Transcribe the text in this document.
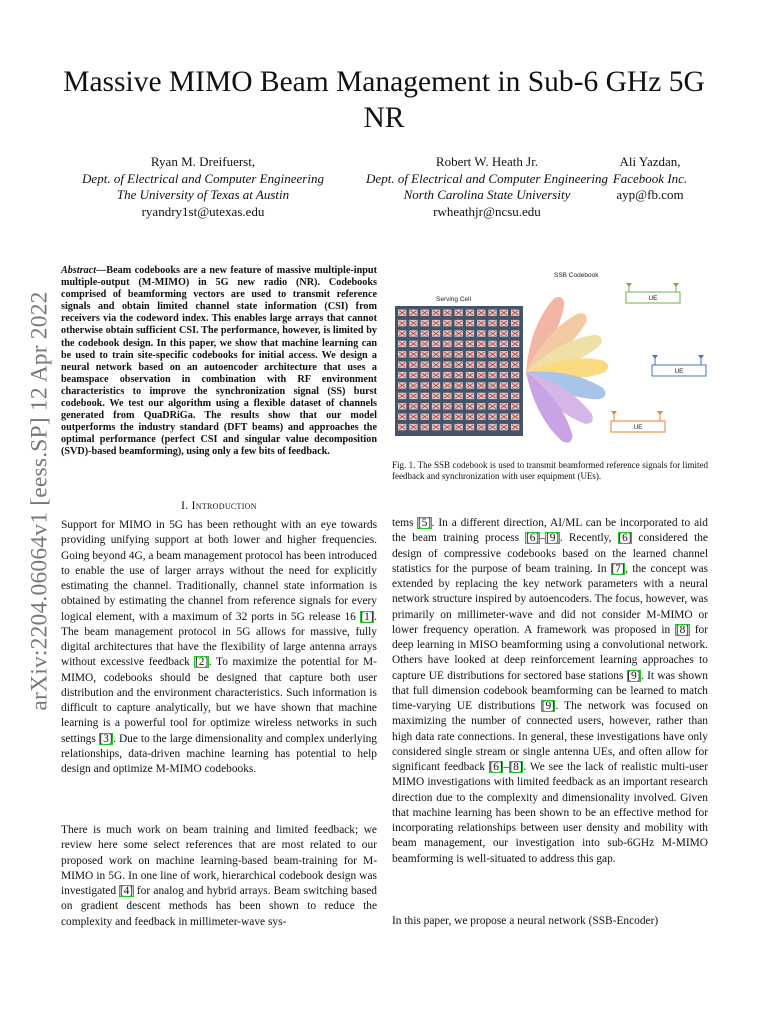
arXiv:2204.06064v1 [eess.SP] 12 Apr 2022
Massive MIMO Beam Management in Sub-6 GHz 5G NR
Ryan M. Dreifuerst,
Dept. of Electrical and Computer Engineering
The University of Texas at Austin
ryandry1st@utexas.edu
Robert W. Heath Jr.
Dept. of Electrical and Computer Engineering
North Carolina State University
rwheathjr@ncsu.edu
Ali Yazdan,
Facebook Inc.
ayp@fb.com
Abstract—Beam codebooks are a new feature of massive multiple-input multiple-output (M-MIMO) in 5G new radio (NR). Codebooks comprised of beamforming vectors are used to transmit reference signals and obtain limited channel state information (CSI) from receivers via the codeword index. This enables large arrays that cannot otherwise obtain sufficient CSI. The performance, however, is limited by the codebook design. In this paper, we show that machine learning can be used to train site-specific codebooks for initial access. We design a neural network based on an autoencoder architecture that uses a beamspace observation in combination with RF environment characteristics to improve the synchronization signal (SS) burst codebook. We test our algorithm using a flexible dataset of channels generated from QuaDRiGa. The results show that our model outperforms the industry standard (DFT beams) and approaches the optimal performance (perfect CSI and singular value decomposition (SVD)-based beamforming), using only a few bits of feedback.
I. Introduction

Support for MIMO in 5G has been rethought with an eye towards providing unifying support at both lower and higher frequencies. Going beyond 4G, a beam management protocol has been introduced to enable the use of larger arrays without the need for explicitly estimating the channel. Traditionally, channel state information is obtained by estimating the channel from reference signals for every logical element, with a maximum of 32 ports in 5G release 16 [1]. The beam management protocol in 5G allows for massive, fully digital architectures that have the flexibility of large antenna arrays without excessive feedback [2]. To maximize the potential for M-MIMO, codebooks should be designed that capture both user distribution and the environment characteristics. Such information is difficult to capture analytically, but we have shown that machine learning is a powerful tool for optimize wireless networks in such settings [3]. Due to the large dimensionality and complex underlying relationships, data-driven machine learning has potential to help design and optimize M-MIMO codebooks.

There is much work on beam training and limited feedback; we review here some select references that are most related to our proposed work on machine learning-based beam-training for M-MIMO in 5G. In one line of work, hierarchical codebook design was investigated [4] for analog and hybrid arrays. Beam switching based on gradient descent methods has been shown to reduce the complexity and feedback in millimeter-wave sys-

tems [5]. In a different direction, AI/ML can be incorporated to aid the beam training process [6]–[9]. Recently, [6] considered the design of compressive codebooks based on the learned channel statistics for the purpose of beam training. In [7], the concept was extended by replacing the key network parameters with a neural network structure inspired by autoencoders. The focus, however, was primarily on millimeter-wave and did not consider M-MIMO or lower frequency operation. A framework was proposed in [8] for deep learning in MISO beamforming using a convolutional network. Others have looked at deep reinforcement learning approaches to capture UE distributions for sectored base stations [9]. It was shown that full dimension codebook beamforming can be learned to match time-varying UE distributions [9]. The network was focused on maximizing the number of connected users, however, rather than high data rate connections. In general, these investigations have only considered single stream or single antenna UEs, and often allow for significant feedback [6]–[8]. We see the lack of realistic multi-user MIMO investigations with limited feedback as an important research direction due to the complexity and dimensionality involved. Given that machine learning has been shown to be an effective method for incorporating relationships between user density and mobility with beam management, our investigation into sub-6GHz M-MIMO beamforming is well-situated to address this gap.

In this paper, we propose a neural network (SSB-Encoder)

SSB Codebook
Serving Cell	UE
UE
UE
Fig. 1. The SSB codebook is used to transmit beamformed reference signals for limited feedback and synchronization with user equipment (UEs).
